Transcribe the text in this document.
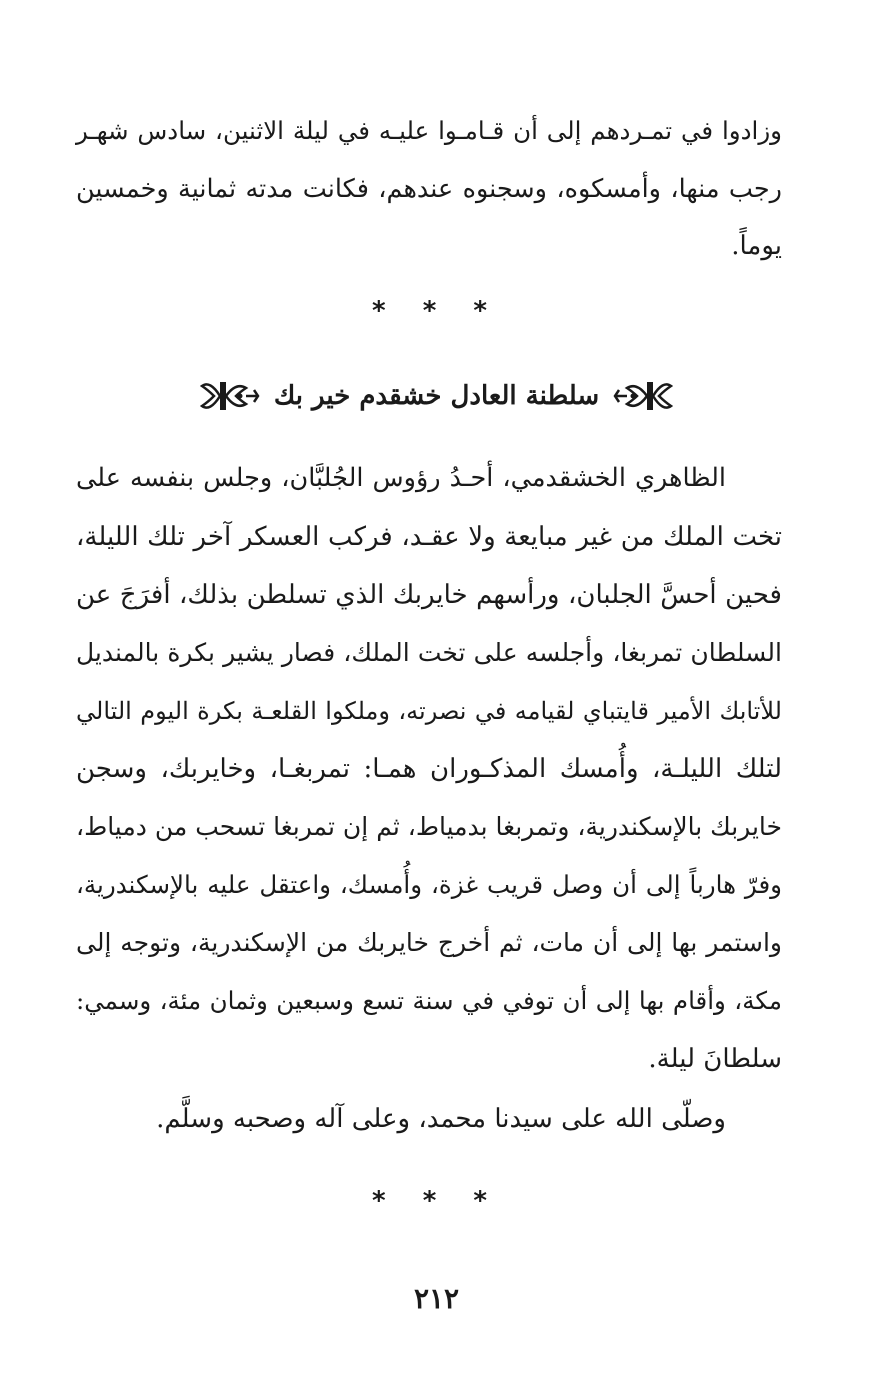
وزادوا في تمـردهم إلى أن قـامـوا عليـه في ليلة الاثنين، سادس شهـر

رجب منها، وأمسكوه، وسجنوه عندهم، فكانت مدته ثمانية وخمسين

يوماً.

* * *
سلطنة العادل خشقدم خير بك

الظاهري الخشقدمي، أحـدُ رؤوس الجُلبَّان، وجلس بنفسه على

تخت الملك من غير مبايعة ولا عقـد، فركب العسكر آخر تلك الليلة،

فحين أحسَّ الجلبان، ورأسهم خايربك الذي تسلطن بذلك، أفرَجَ عن

السلطان تمربغا، وأجلسه على تخت الملك، فصار يشير بكرة بالمنديل

للأتابك الأمير قايتباي لقيامه في نصرته، وملكوا القلعـة بكرة اليوم التالي

لتلك الليلـة، وأُمسك المذكـوران همـا: تمربغـا، وخايربك، وسجن

خايربك بالإسكندرية، وتمربغا بدمياط، ثم إن تمربغا تسحب من دمياط،

وفرّ هارباً إلى أن وصل قريب غزة، وأُمسك، واعتقل عليه بالإسكندرية،

واستمر بها إلى أن مات، ثم أخرج خايربك من الإسكندرية، وتوجه إلى

مكة، وأقام بها إلى أن توفي في سنة تسع وسبعين وثمان مئة، وسمي:

سلطانَ ليلة.

وصلّى الله على سيدنا محمد، وعلى آله وصحبه وسلَّم.

* * *
٢١٢
